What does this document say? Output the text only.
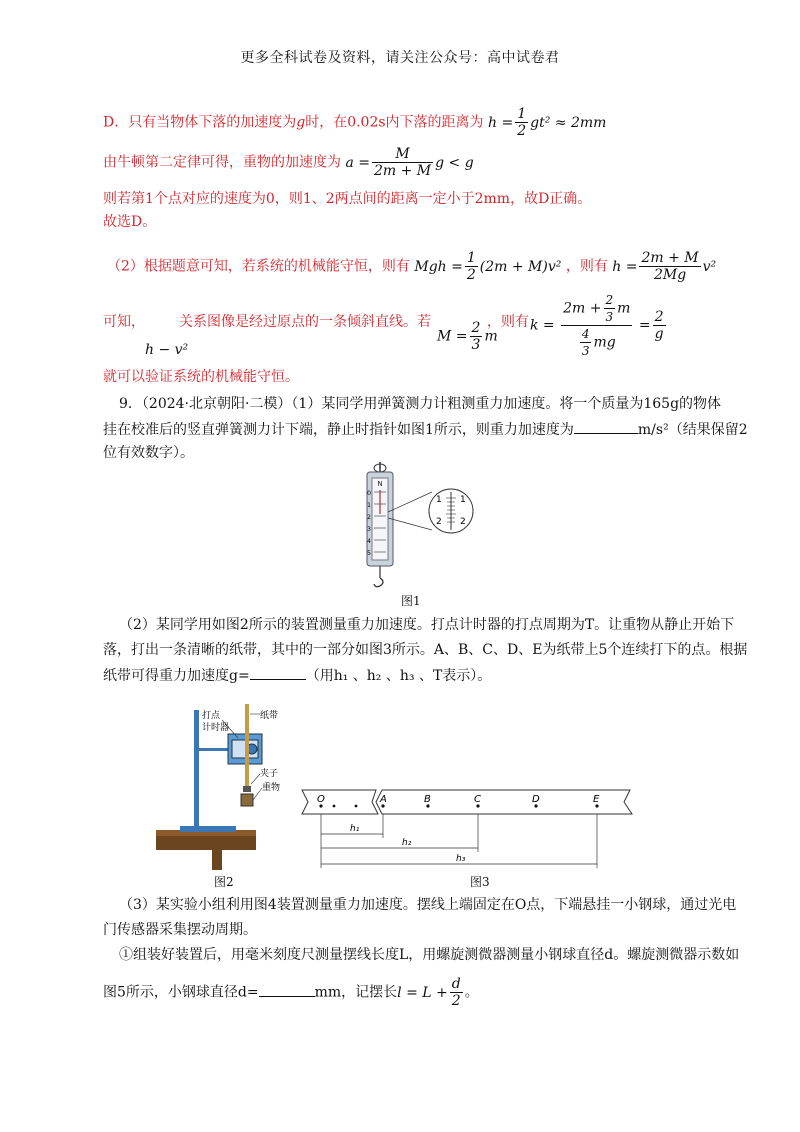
更多全科试卷及资料，请关注公众号：高中试卷君
D．只有当物体下落的加速度为g时，在0.02s内下落的距离为 $h = \frac{1}{2} gt^2 \approx 2mm$
由牛顿第二定律可得，重物的加速度为 $a = \frac{M}{2m + M}$ g < g
则若第1个点对应的速度为0，则1、2两点间的距离一定小于2mm，故D正确。
故选D。
（2）根据题意可知，若系统的机械能守恒，则有 Mgh = $\frac{1}{2} (2m + M)v^2$ ，则有 $h = \frac{2m + M}{2Mg} v^2$
可知， 关系图像是经过原点的一条倾斜直线。若
h − v²
$M = \frac{2}{3}$ m
，则有 $k = \frac{2m + \frac{2}{3} m}{\frac{4}{3} mg} = \frac{2}{g}$
就可以验证系统的机械能守恒。
9．（2024·北京朝阳·二模）（1）某同学用弹簧测力计粗测重力加速度。将一个质量为165g的物体
挂在校准后的竖直弹簧测力计下端，静止时指针如图1所示，则重力加速度为	m/s²（结果保留2
位有效数字）。
N
0
1
2
3
4
5
1
2
1
2
图1
（2）某同学用如图2所示的装置测量重力加速度。打点计时器的打点周期为T。让重物从静止开始下
落，打出一条清晰的纸带，其中的一部分如图3所示。A、B、C、D、E为纸带上5个连续打下的点。根据
纸带可得重力加速度g=	（用h₁ 、h₂ 、h₃ 、T表示）。
打点
计时器
纸带
夹子
重物
图2
O	A	B	C	D	E
h₁
h₂
h₃
图3
（3）某实验小组利用图4装置测量重力加速度。摆线上端固定在O点，下端悬挂一小钢球，通过光电
门传感器采集摆动周期。
①组装好装置后，用毫米刻度尺测量摆线长度L，用螺旋测微器测量小钢球直径d。螺旋测微器示数如
图5所示，小钢球直径d=	mm，记摆长$l = L + \frac{d}{2}$ 。
